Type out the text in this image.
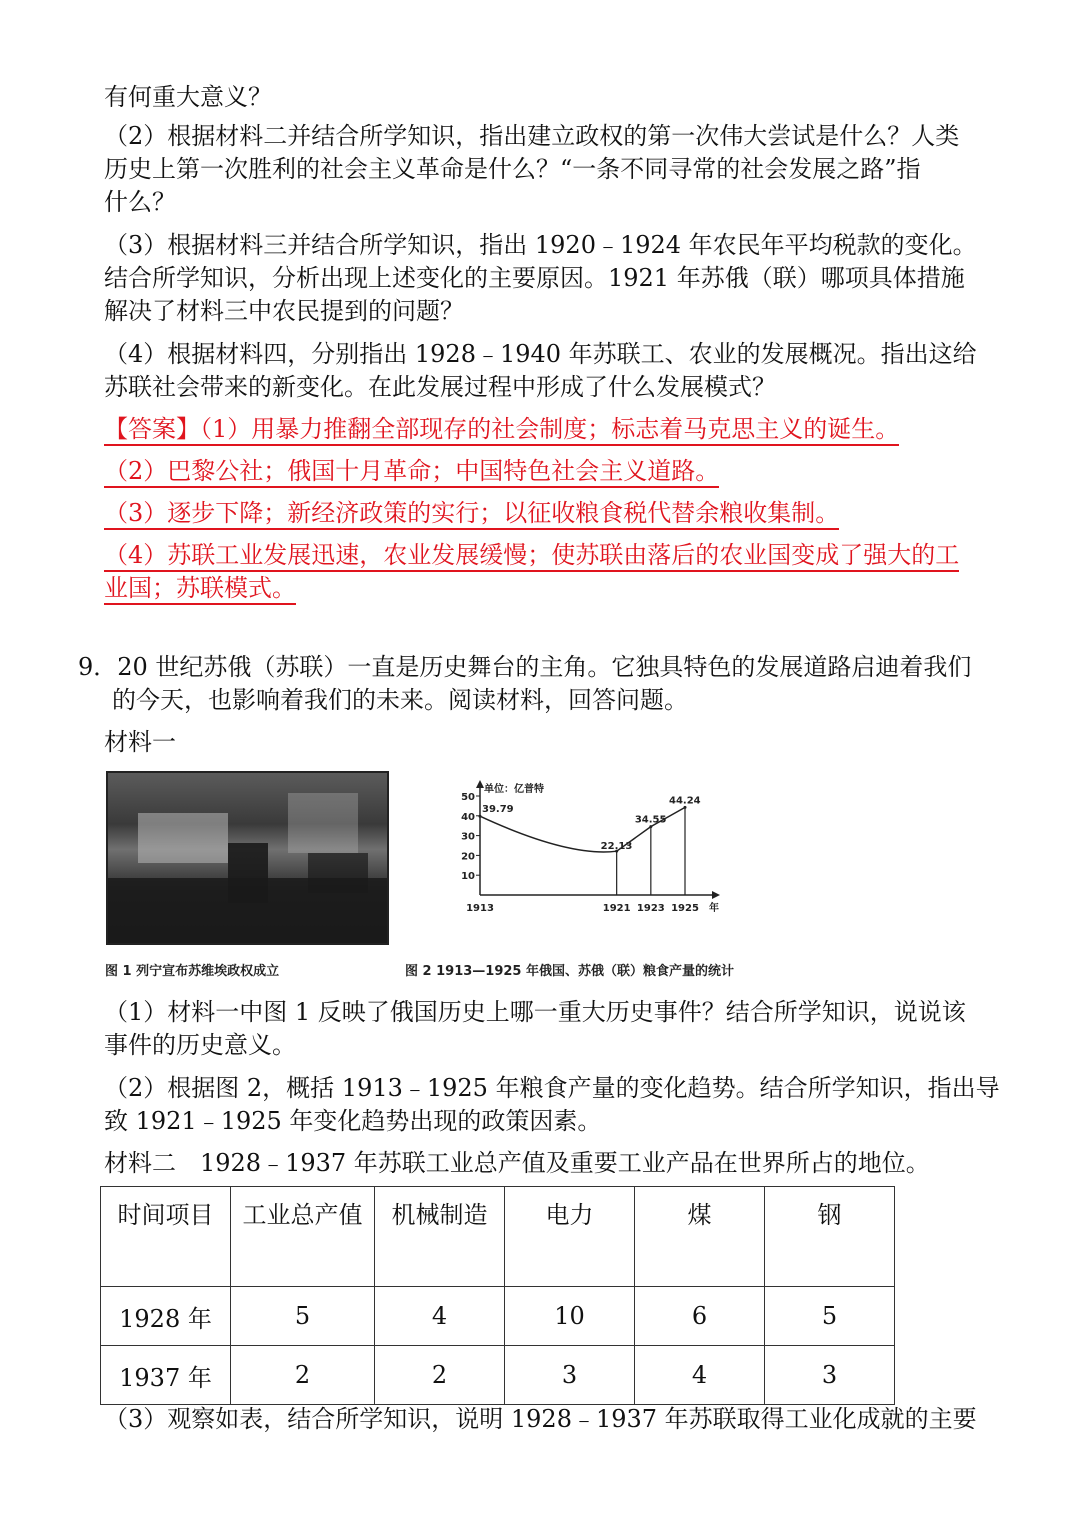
有何重大意义？
（2）根据材料二并结合所学知识，指出建立政权的第一次伟大尝试是什么？人类
历史上第一次胜利的社会主义革命是什么？“一条不同寻常的社会发展之路”指
什么？
（3）根据材料三并结合所学知识，指出 1920﹣1924 年农民年平均税款的变化。
结合所学知识，分析出现上述变化的主要原因。1921 年苏俄（联）哪项具体措施
解决了材料三中农民提到的问题？
（4）根据材料四，分别指出 1928﹣1940 年苏联工、农业的发展概况。指出这给
苏联社会带来的新变化。在此发展过程中形成了什么发展模式？
【答案】（1）用暴力推翻全部现存的社会制度；标志着马克思主义的诞生。
（2）巴黎公社；俄国十月革命；中国特色社会主义道路。
（3）逐步下降；新经济政策的实行；以征收粮食税代替余粮收集制。
（4）苏联工业发展迅速，农业发展缓慢；使苏联由落后的农业国变成了强大的工
业国；苏联模式。
9．20 世纪苏俄（苏联）一直是历史舞台的主角。它独具特色的发展道路启迪着我们
的今天，也影响着我们的未来。阅读材料，回答问题。
材料一
图 1 列宁宣布苏维埃政权成立
50
40
30
20
10
单位：亿普特
39.79
22.13
34.55
44.24
1913	1921 1923 1925 年
图 2 1913—1925 年俄国、苏俄（联）粮食产量的统计
（1）材料一中图 1 反映了俄国历史上哪一重大历史事件？结合所学知识，说说该
事件的历史意义。
（2）根据图 2，概括 1913﹣1925 年粮食产量的变化趋势。结合所学知识，指出导
致 1921﹣1925 年变化趋势出现的政策因素。
材料二　1928﹣1937 年苏联工业总产值及重要工业产品在世界所占的地位。
时间项目	工业总产值	机械制造	电力	煤	钢
1928 年	5	4	10	6	5
1937 年	2	2	3	4	3
（3）观察如表，结合所学知识，说明 1928﹣1937 年苏联取得工业化成就的主要
